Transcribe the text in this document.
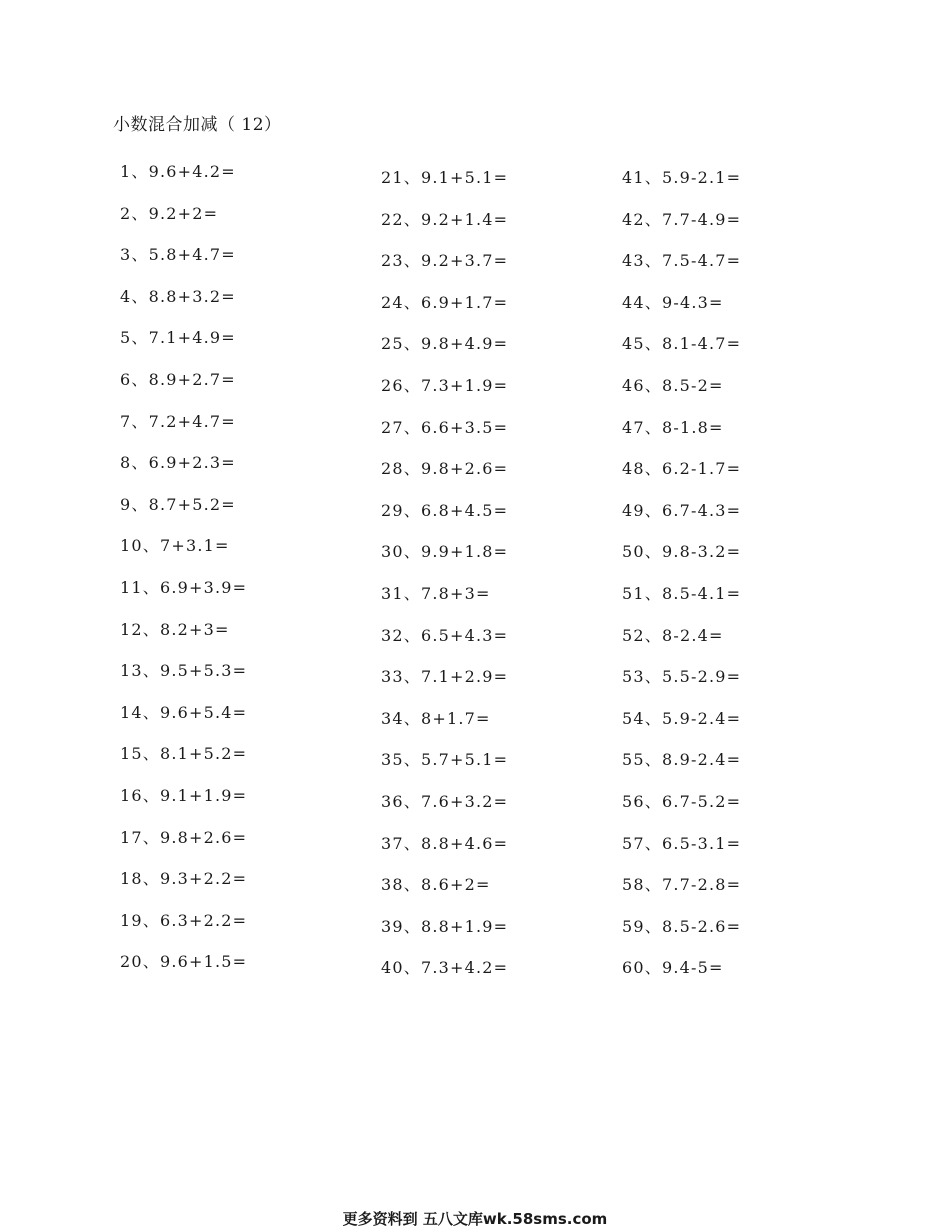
小数混合加减（ 12）
1、9.6+4.2=
2、9.2+2=
3、5.8+4.7=
4、8.8+3.2=
5、7.1+4.9=
6、8.9+2.7=
7、7.2+4.7=
8、6.9+2.3=
9、8.7+5.2=
10、7+3.1=
11、6.9+3.9=
12、8.2+3=
13、9.5+5.3=
14、9.6+5.4=
15、8.1+5.2=
16、9.1+1.9=
17、9.8+2.6=
18、9.3+2.2=
19、6.3+2.2=
20、9.6+1.5=
21、9.1+5.1=
22、9.2+1.4=
23、9.2+3.7=
24、6.9+1.7=
25、9.8+4.9=
26、7.3+1.9=
27、6.6+3.5=
28、9.8+2.6=
29、6.8+4.5=
30、9.9+1.8=
31、7.8+3=
32、6.5+4.3=
33、7.1+2.9=
34、8+1.7=
35、5.7+5.1=
36、7.6+3.2=
37、8.8+4.6=
38、8.6+2=
39、8.8+1.9=
40、7.3+4.2=
41、5.9-2.1=
42、7.7-4.9=
43、7.5-4.7=
44、9-4.3=
45、8.1-4.7=
46、8.5-2=
47、8-1.8=
48、6.2-1.7=
49、6.7-4.3=
50、9.8-3.2=
51、8.5-4.1=
52、8-2.4=
53、5.5-2.9=
54、5.9-2.4=
55、8.9-2.4=
56、6.7-5.2=
57、6.5-3.1=
58、7.7-2.8=
59、8.5-2.6=
60、9.4-5=
更多资料到 五八文库wk.58sms.com
